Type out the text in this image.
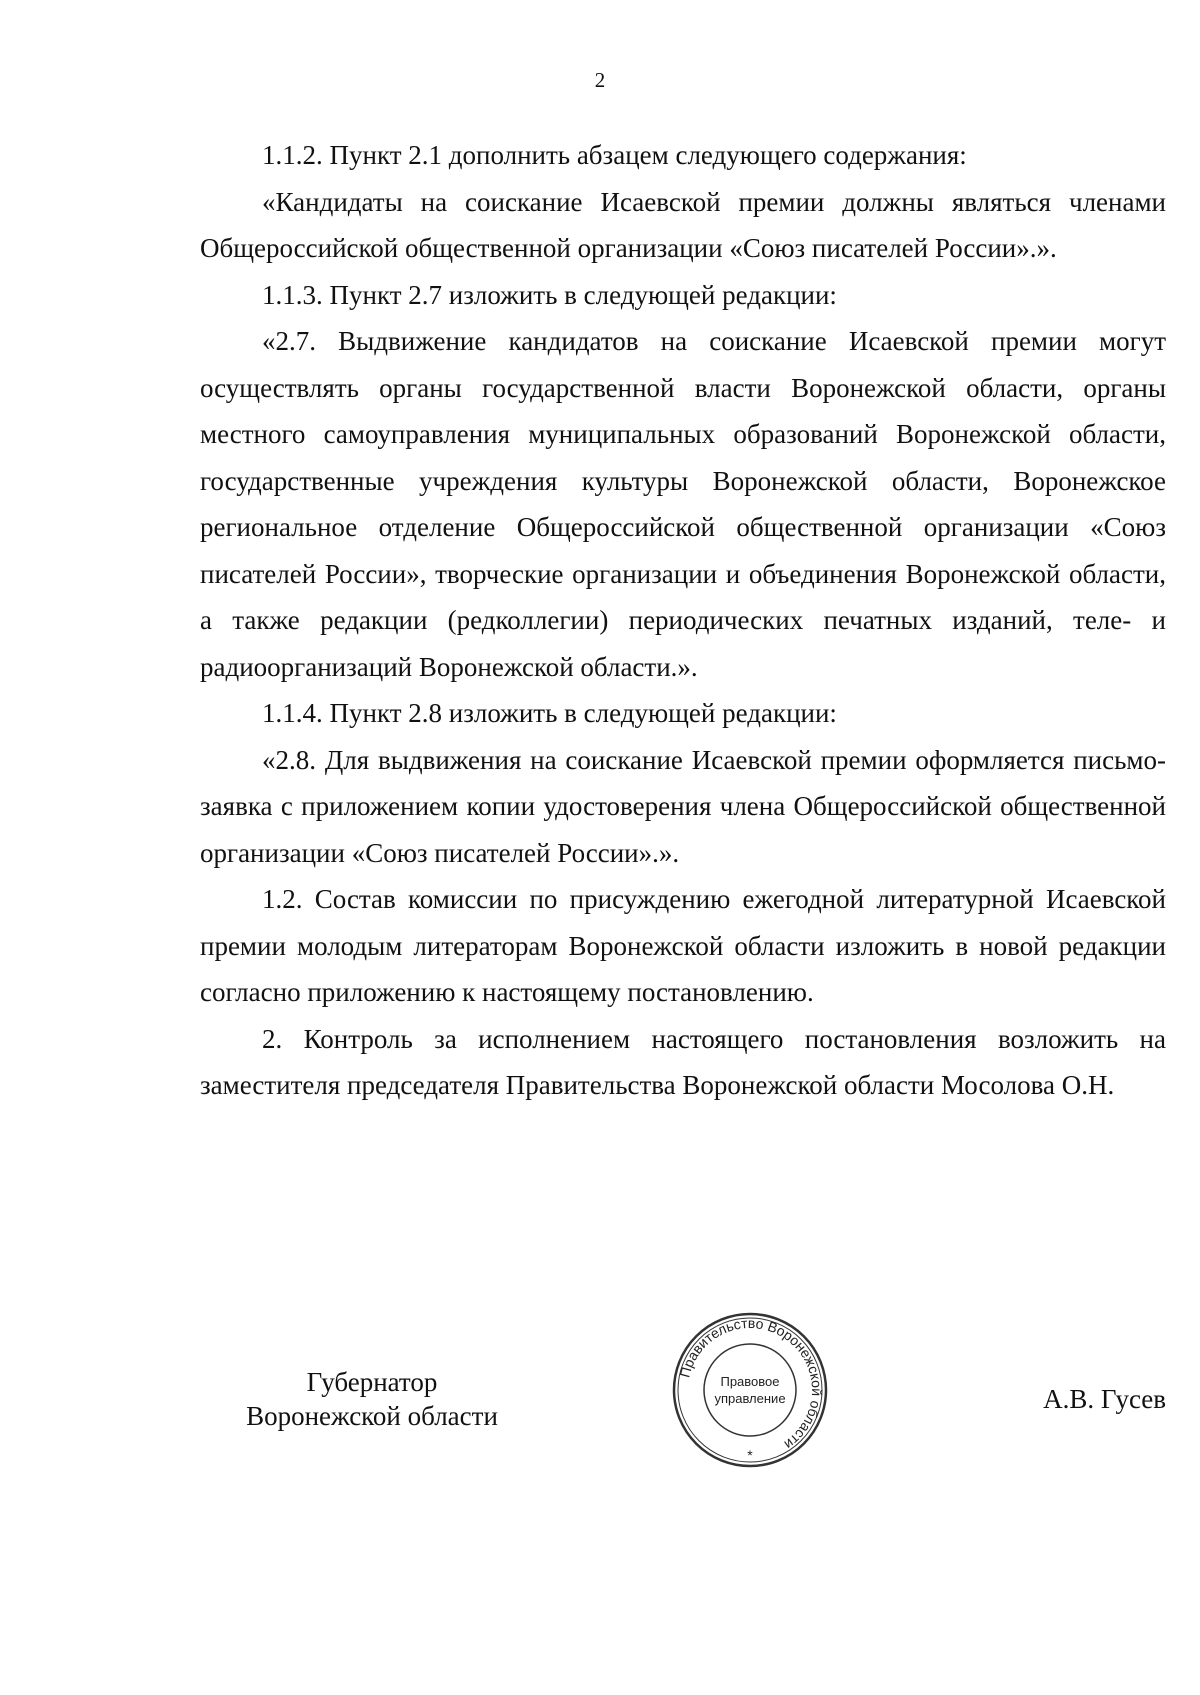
2

1.1.2. Пункт 2.1 дополнить абзацем следующего содержания:

«Кандидаты на соискание Исаевской премии должны являться членами Общероссийской общественной организации «Союз писателей России».».

1.1.3. Пункт 2.7 изложить в следующей редакции:

«2.7. Выдвижение кандидатов на соискание Исаевской премии могут осуществлять органы государственной власти Воронежской области, органы местного самоуправления муниципальных образований Воронежской области, государственные учреждения культуры Воронежской области, Воронежское региональное отделение Общероссийской общественной организации «Союз писателей России», творческие организации и объединения Воронежской области, а также редакции (редколлегии) периодических печатных изданий, теле- и радиоорганизаций Воронежской области.».

1.1.4. Пункт 2.8 изложить в следующей редакции:

«2.8. Для выдвижения на соискание Исаевской премии оформляется письмо-заявка с приложением копии удостоверения члена Общероссийской общественной организации «Союз писателей России».».

1.2. Состав комиссии по присуждению ежегодной литературной Исаевской премии молодым литераторам Воронежской области изложить в новой редакции согласно приложению к настоящему постановлению.

2. Контроль за исполнением настоящего постановления возложить на заместителя председателя Правительства Воронежской области Мосолова О.Н.

Губернатор
Воронежской области
Правительство Воронежской области
Правовое
управление
*
А.В. Гусев
